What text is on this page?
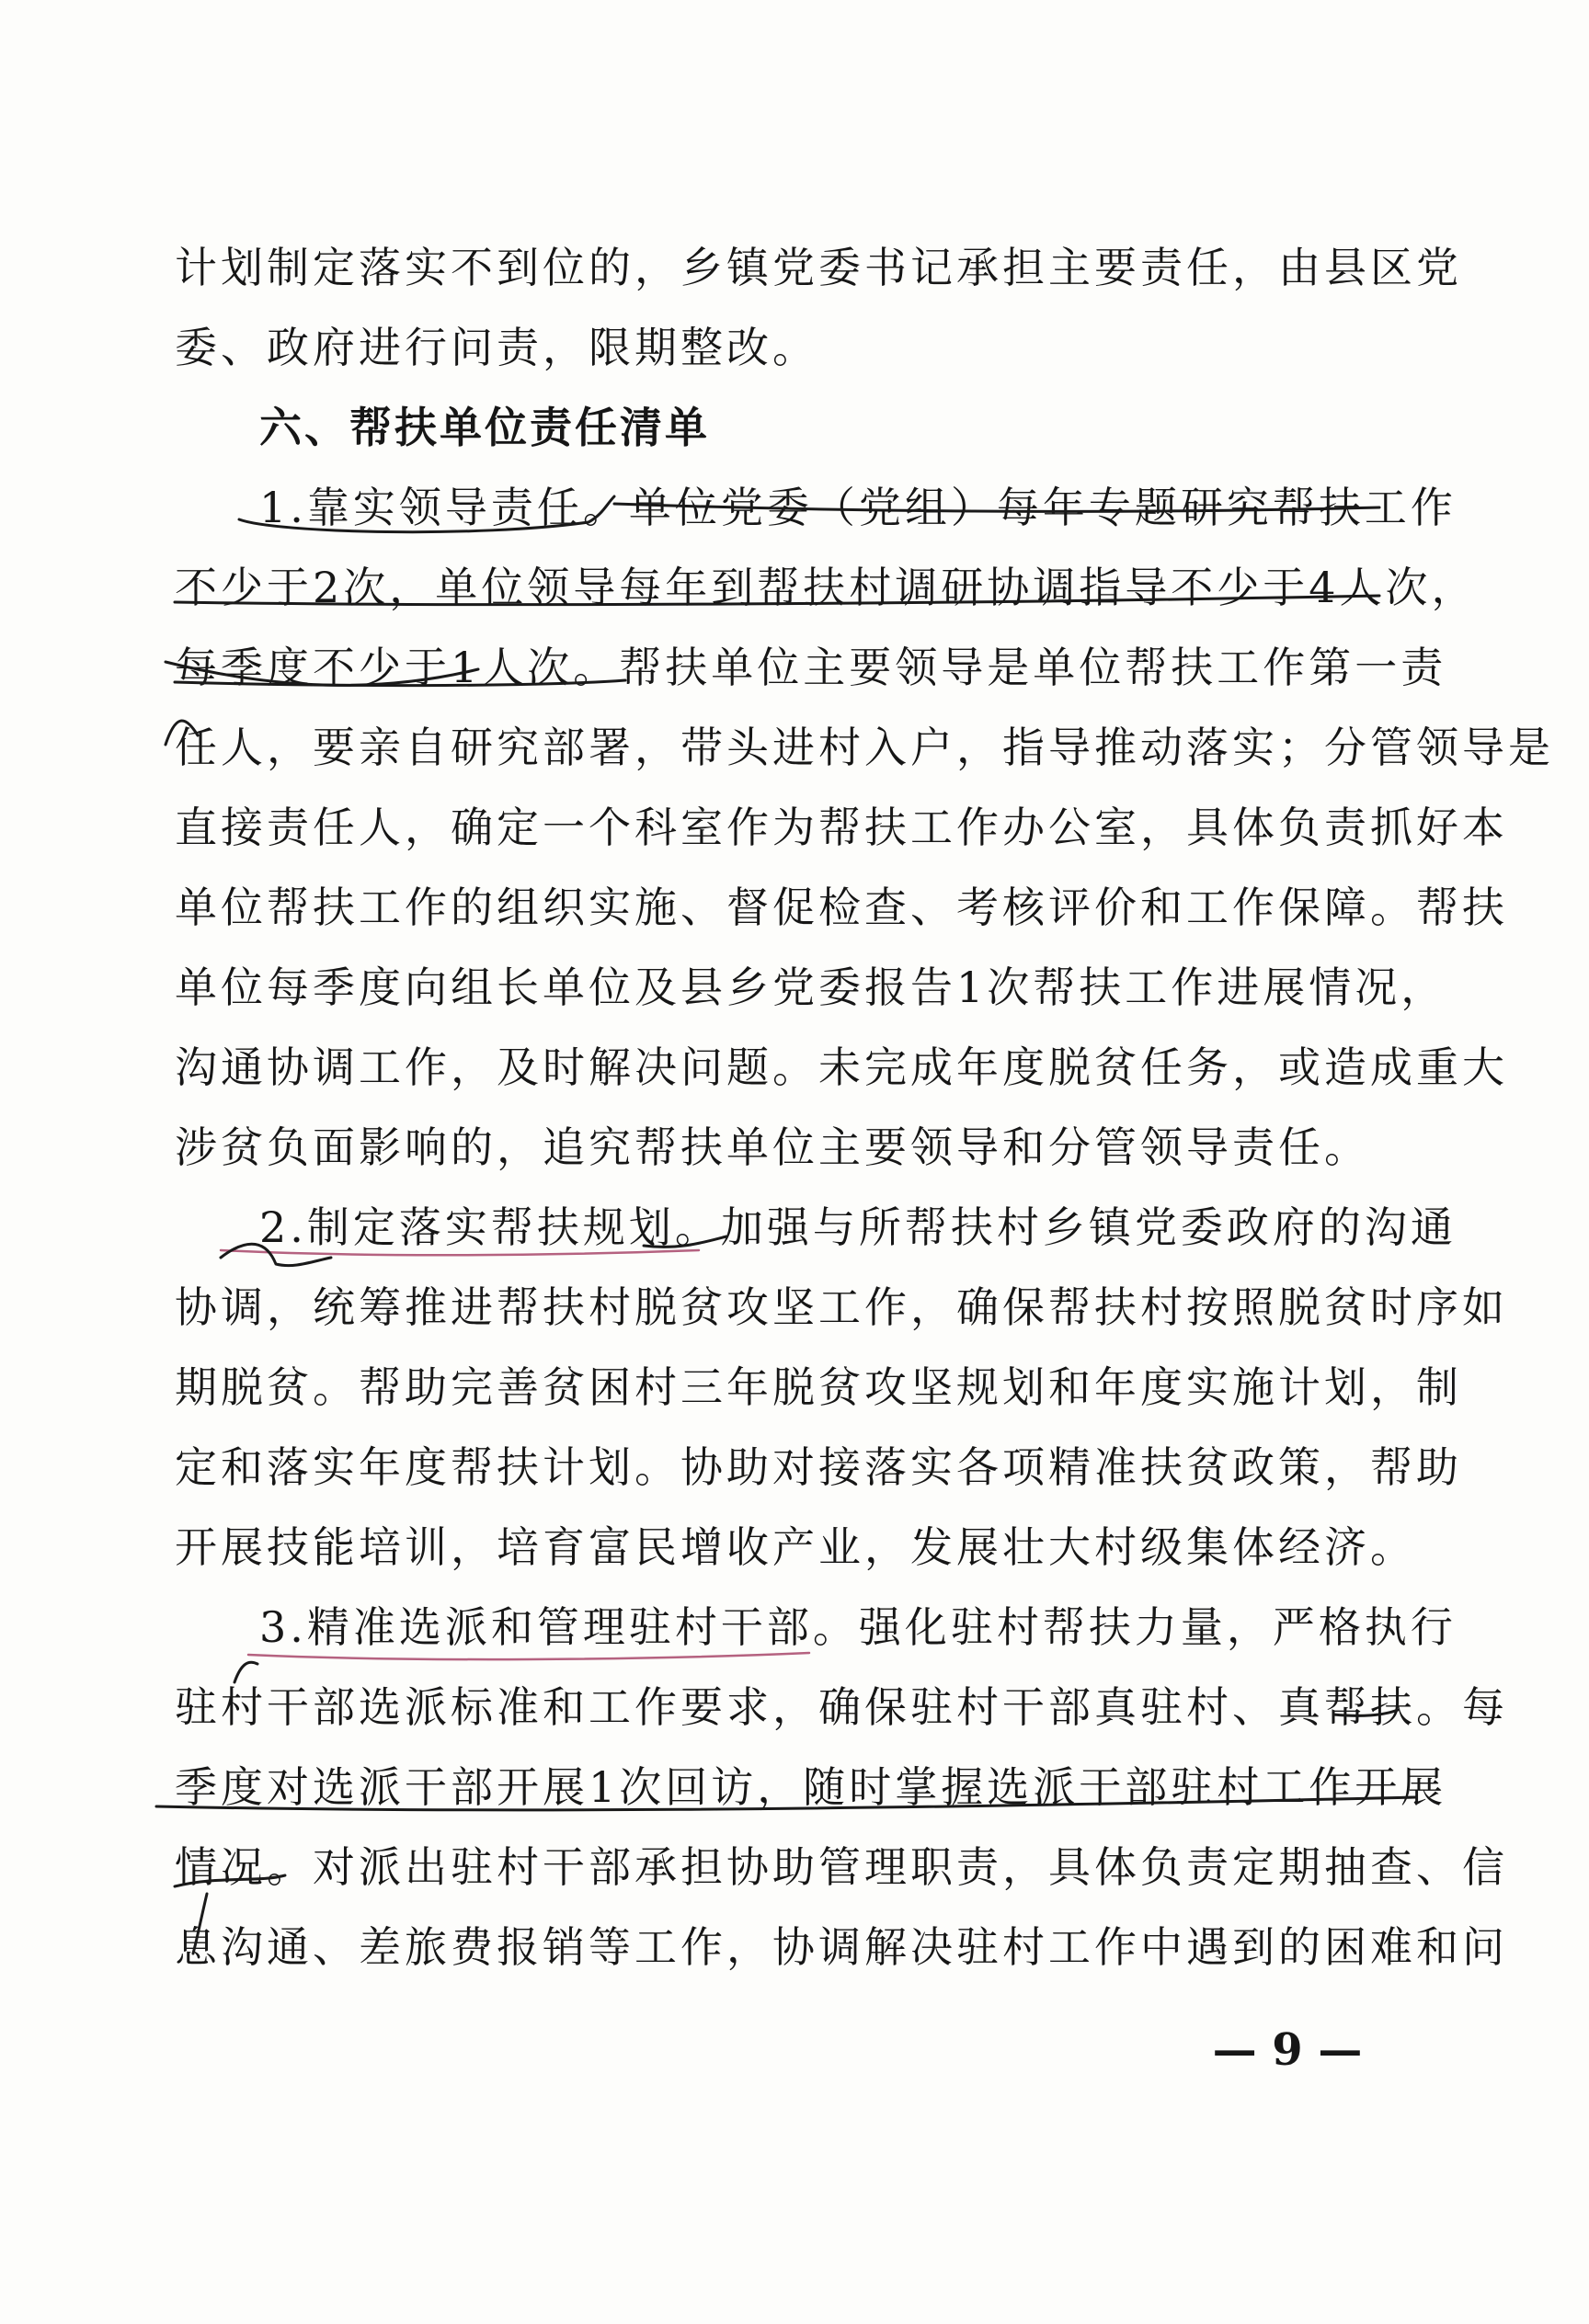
计划制定落实不到位的，乡镇党委书记承担主要责任，由县区党
委、政府进行问责，限期整改。
六、帮扶单位责任清单
1.靠实领导责任。单位党委（党组）每年专题研究帮扶工作
不少于2次，单位领导每年到帮扶村调研协调指导不少于4人次，
每季度不少于1人次。帮扶单位主要领导是单位帮扶工作第一责
任人，要亲自研究部署，带头进村入户，指导推动落实；分管领导是
直接责任人，确定一个科室作为帮扶工作办公室，具体负责抓好本
单位帮扶工作的组织实施、督促检查、考核评价和工作保障。帮扶
单位每季度向组长单位及县乡党委报告1次帮扶工作进展情况，
沟通协调工作，及时解决问题。未完成年度脱贫任务，或造成重大
涉贫负面影响的，追究帮扶单位主要领导和分管领导责任。
2.制定落实帮扶规划。加强与所帮扶村乡镇党委政府的沟通
协调，统筹推进帮扶村脱贫攻坚工作，确保帮扶村按照脱贫时序如
期脱贫。帮助完善贫困村三年脱贫攻坚规划和年度实施计划，制
定和落实年度帮扶计划。协助对接落实各项精准扶贫政策，帮助
开展技能培训，培育富民增收产业，发展壮大村级集体经济。
3.精准选派和管理驻村干部。强化驻村帮扶力量，严格执行
驻村干部选派标准和工作要求，确保驻村干部真驻村、真帮扶。每
季度对选派干部开展1次回访，随时掌握选派干部驻村工作开展
情况。对派出驻村干部承担协助管理职责，具体负责定期抽查、信
息沟通、差旅费报销等工作，协调解决驻村工作中遇到的困难和问
— 9 —
